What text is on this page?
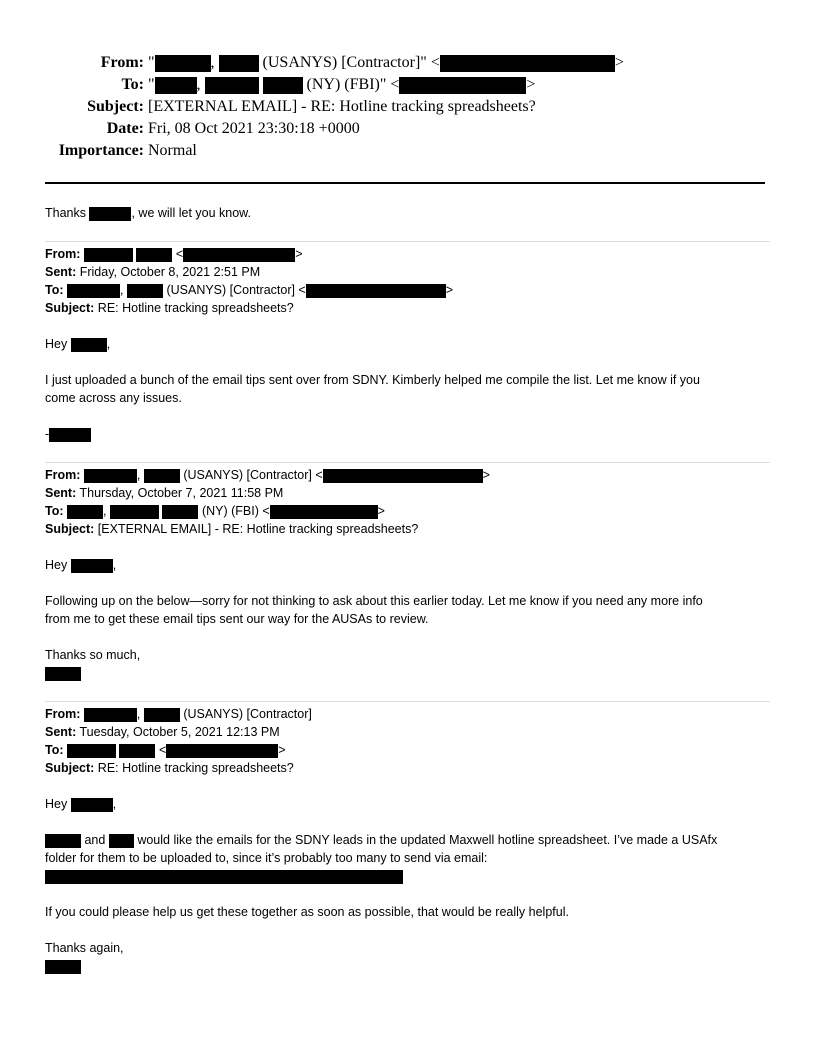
From: "	,	(USANYS) [Contractor]" <	>
To: "	,	(NY) (FBI)" <	>
Subject: [EXTERNAL EMAIL] - RE: Hotline tracking spreadsheets?
Date: Fri, 08 Oct 2021 23:30:18 +0000
Importance: Normal
Thanks	, we will let you know.
From:	<	>
Sent: Friday, October 8, 2021 2:51 PM
To:	,	(USANYS) [Contractor] <	>
Subject: RE: Hotline tracking spreadsheets?
Hey	,
I just uploaded a bunch of the email tips sent over from SDNY. Kimberly helped me compile the list. Let me know if you
come across any issues.
-
From:	,	(USANYS) [Contractor] <	>
Sent: Thursday, October 7, 2021 11:58 PM
To:	,	(NY) (FBI) <	>
Subject: [EXTERNAL EMAIL] - RE: Hotline tracking spreadsheets?
Hey	,
Following up on the below—sorry for not thinking to ask about this earlier today. Let me know if you need any more info
from me to get these email tips sent our way for the AUSAs to review.
Thanks so much,
From:	,	(USANYS) [Contractor]
Sent: Tuesday, October 5, 2021 12:13 PM
To:	<	>
Subject: RE: Hotline tracking spreadsheets?
Hey	,
and	would like the emails for the SDNY leads in the updated Maxwell hotline spreadsheet. I’ve made a USAfx
folder for them to be uploaded to, since it’s probably too many to send via email:
If you could please help us get these together as soon as possible, that would be really helpful.
Thanks again,
